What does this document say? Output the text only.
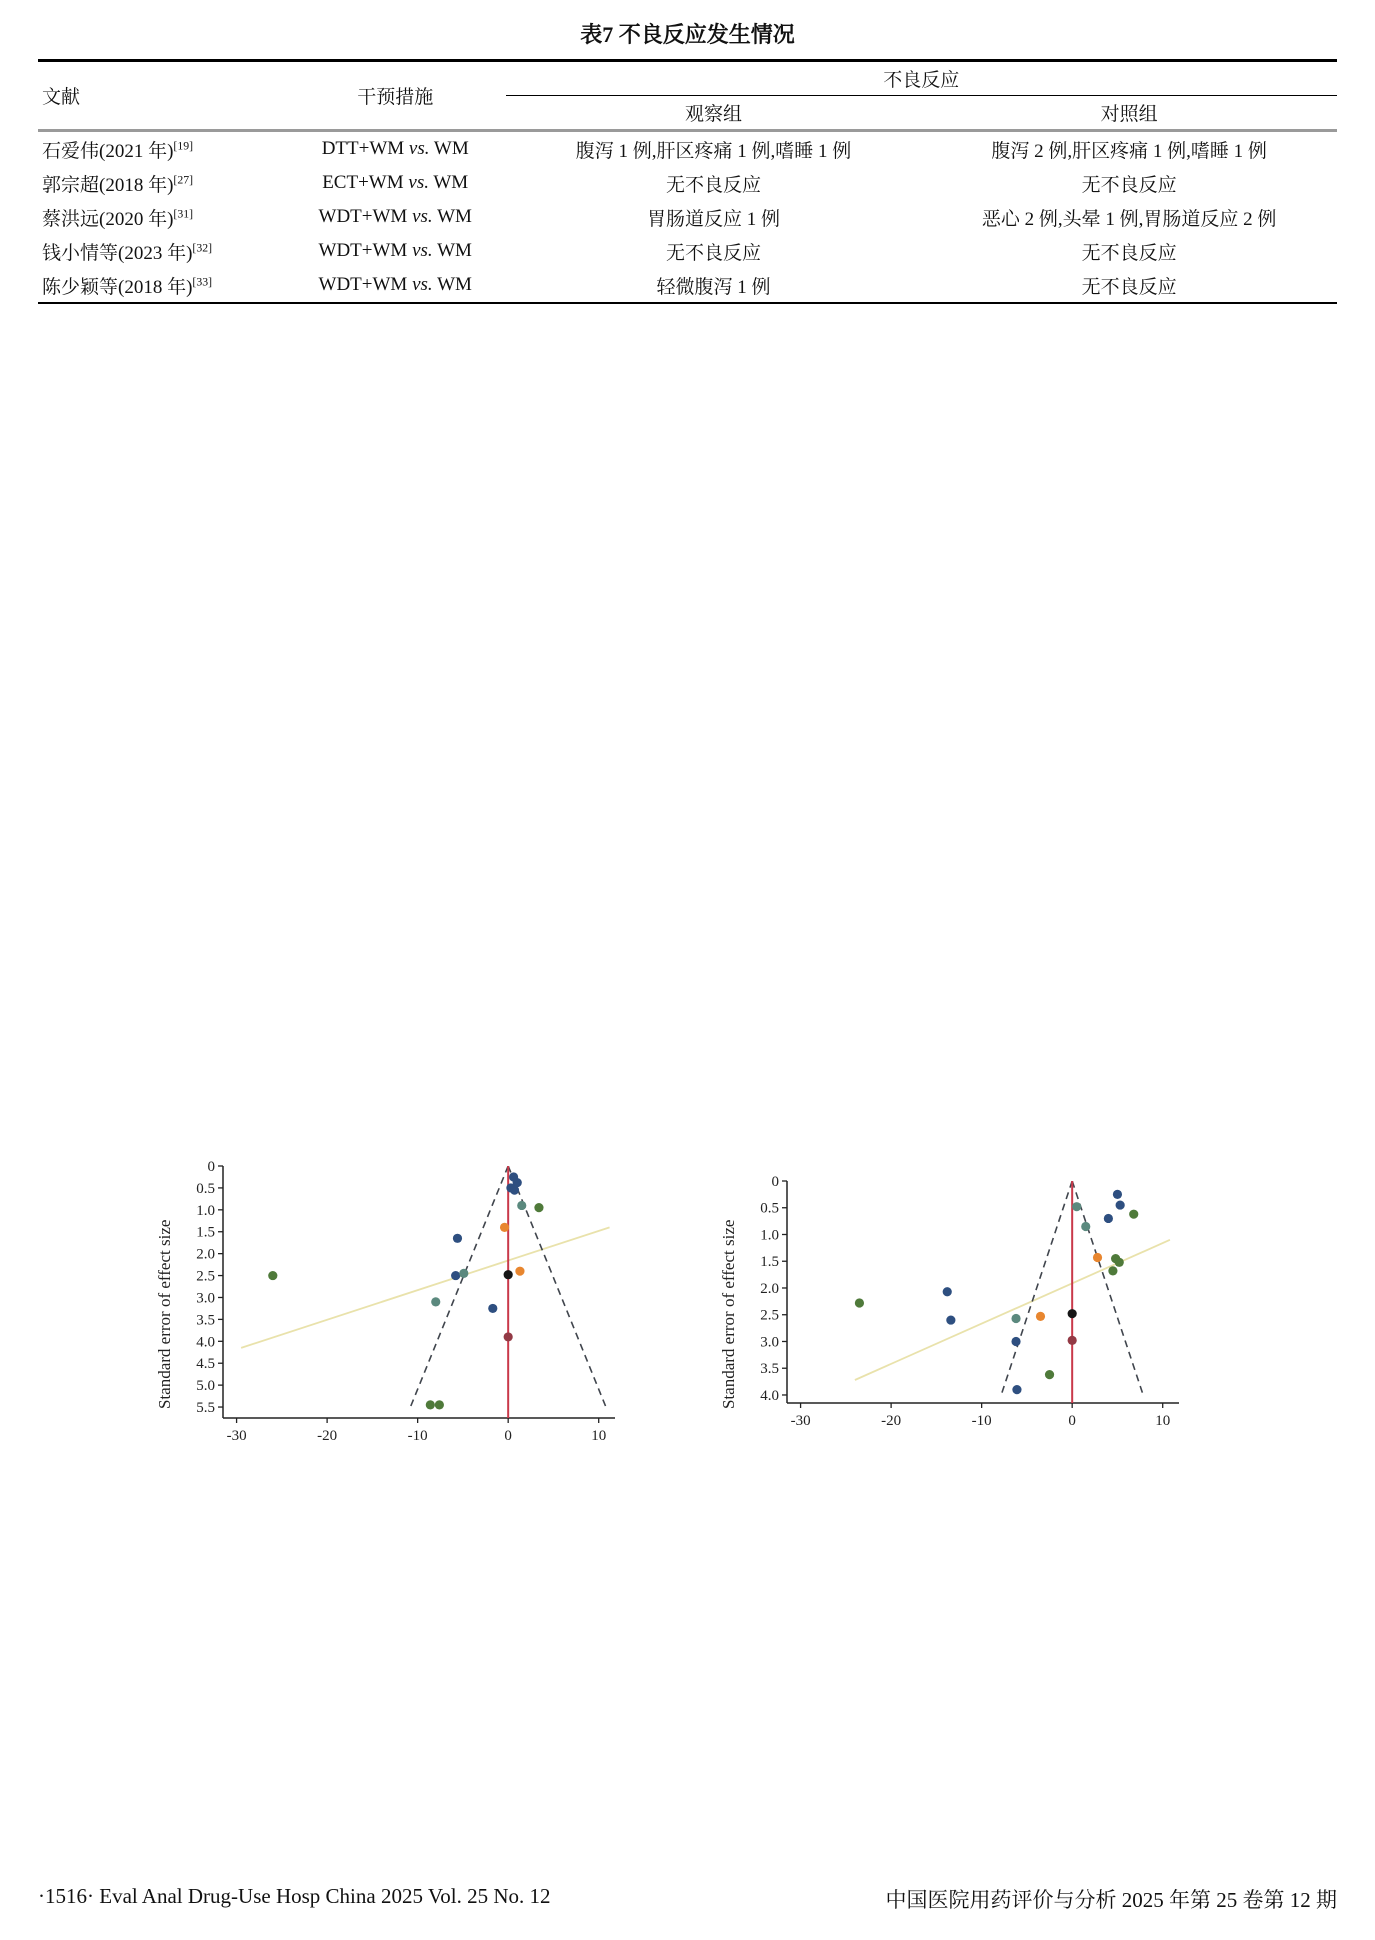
表7 不良反应发生情况
文献	干预措施	不良反应	
		观察组	对照组
石爱伟(2021 年)[19]	DTT+WM vs. WM	腹泻 1 例,肝区疼痛 1 例,嗜睡 1 例	腹泻 2 例,肝区疼痛 1 例,嗜睡 1 例
郭宗超(2018 年)[27]	ECT+WM vs. WM	无不良反应	无不良反应
蔡洪远(2020 年)[31]	WDT+WM vs. WM	胃肠道反应 1 例	恶心 2 例,头晕 1 例,胃肠道反应 2 例
钱小情等(2023 年)[32]	WDT+WM vs. WM	无不良反应	无不良反应
陈少颖等(2018 年)[33]	WDT+WM vs. WM	轻微腹泻 1 例	无不良反应
Standard error of effect size
0
0.5
1.0
1.5
2.0
2.5
3.0
3.5
4.0
4.5
5.0
5.5
-30	-20	-10	0	10
Standard error of effect size
0
0.5
1.0
1.5
2.0
2.5
3.0
3.5
4.0
-30	-20	-10	0	10

·1516· Eval Anal Drug-Use Hosp China 2025 Vol. 25 No. 12	中国医院用药评价与分析 2025 年第 25 卷第 12 期
